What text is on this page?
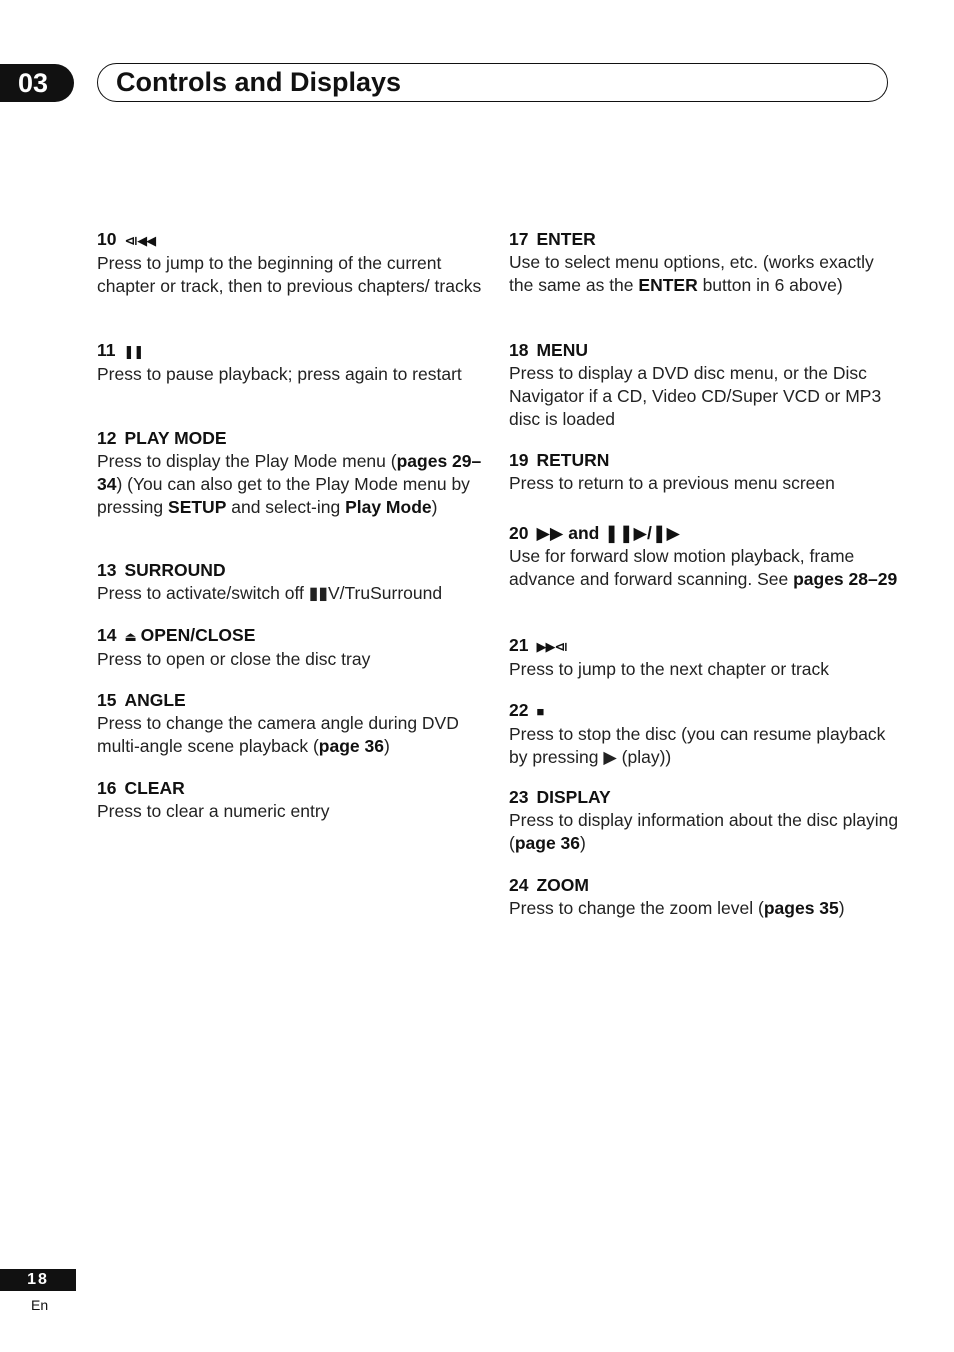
03	Controls and Displays
10 ⧏◀◀
Press to jump to the beginning of the current chapter or track, then to previous chapters/ tracks
11 ❚❚
Press to pause playback; press again to restart
12 PLAY MODE
Press to display the Play Mode menu (pages 29–34) (You can also get to the Play Mode menu by pressing SETUP and select-ing Play Mode)
13 SURROUND
Press to activate/switch off ▮▮V/TruSurround
14 ⏏ OPEN/CLOSE
Press to open or close the disc tray
15 ANGLE
Press to change the camera angle during DVD multi-angle scene playback (page 36)
16 CLEAR
Press to clear a numeric entry
17 ENTER
Use to select menu options, etc. (works exactly the same as the ENTER button in 6 above)
18 MENU
Press to display a DVD disc menu, or the Disc Navigator if a CD, Video CD/Super VCD or MP3 disc is loaded
19 RETURN
Press to return to a previous menu screen
20 ▶▶ and ❚❚▶/❚▶
Use for forward slow motion playback, frame advance and forward scanning. See pages 28–29
21 ▶▶⧏
Press to jump to the next chapter or track
22 ■
Press to stop the disc (you can resume playback by pressing ▶ (play))
23 DISPLAY
Press to display information about the disc playing (page 36)
24 ZOOM
Press to change the zoom level (pages 35)
18
En
